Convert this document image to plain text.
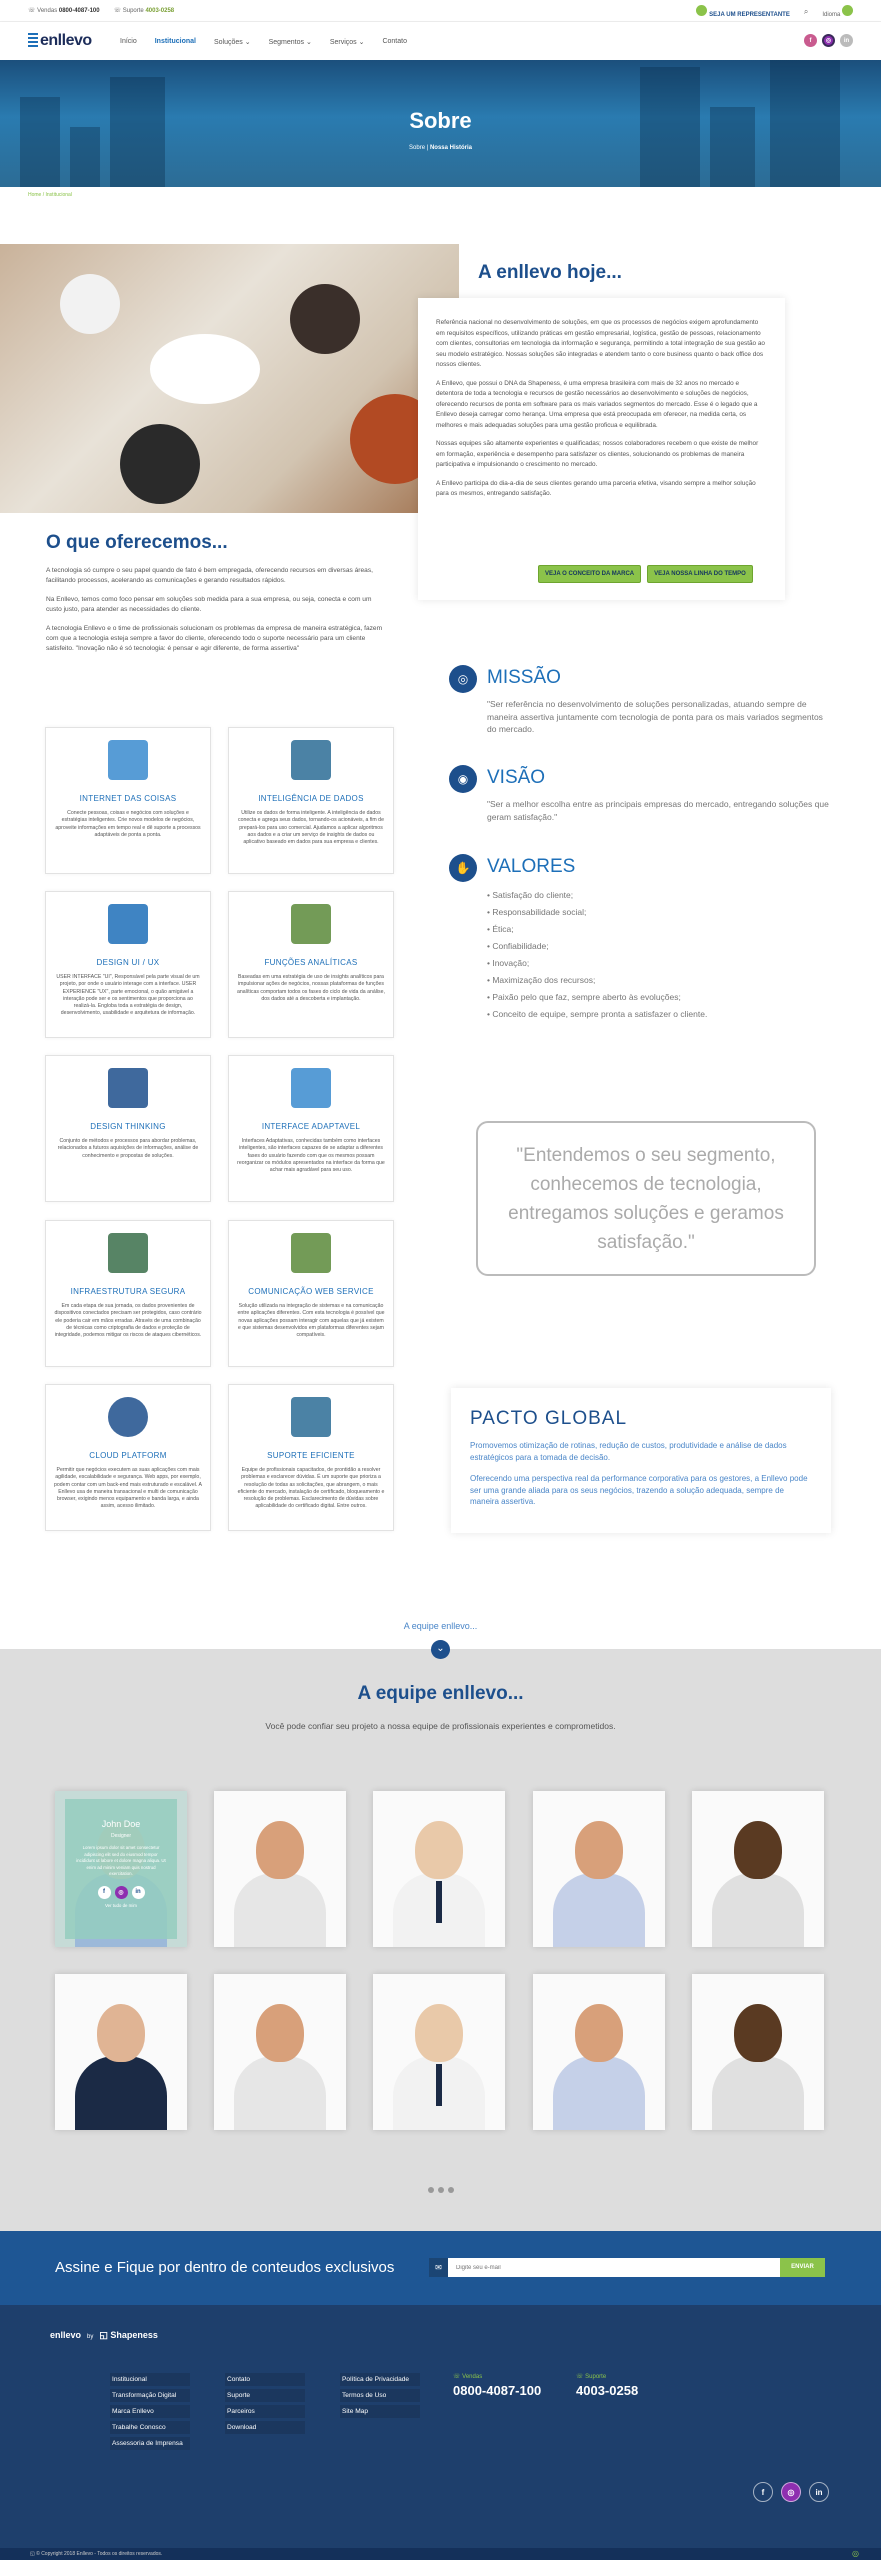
☏ Vendas 0800-4087-100 ☏ Suporte 4003-0258
SEJA UM REPRESENTANTE ⌕ Idioma
enllevo	Início	Institucional	Soluções ⌄	Segmentos ⌄	Serviços ⌄	Contato	f	◎	in
Sobre
Sobre | Nossa História
Home / Institucional
A enllevo hoje...

Referência nacional no desenvolvimento de soluções, em que os processos de negócios exigem aprofundamento em requisitos específicos, utilizando práticas em gestão empresarial, logística, gestão de pessoas, relacionamento com clientes, consultorias em tecnologia da informação e segurança, permitindo a total integração de sua gestão ao seu modelo estratégico. Nossas soluções são integradas e atendem tanto o core business quanto o back office dos nossos clientes.

A Enllevo, que possui o DNA da Shapeness, é uma empresa brasileira com mais de 32 anos no mercado e detentora de toda a tecnologia e recursos de gestão necessários ao desenvolvimento e soluções de negócios, oferecendo recursos de ponta em software para os mais variados segmentos do mercado. Esse é o legado que a Enllevo deseja carregar como herança. Uma empresa que está preocupada em oferecer, na medida certa, os melhores e mais adequadas soluções para uma gestão proficua e equilibrada.

Nossas equipes são altamente experientes e qualificadas; nossos colaboradores recebem o que existe de melhor em formação, experiência e desempenho para satisfazer os clientes, solucionando os problemas de maneira participativa e impulsionando o crescimento no mercado.

A Enllevo participa do dia-a-dia de seus clientes gerando uma parceria efetiva, visando sempre a melhor solução para os mesmos, entregando satisfação.

VEJA O CONCEITO DA MARCA	VEJA NOSSA LINHA DO TEMPO
O que oferecemos...

A tecnologia só cumpre o seu papel quando de fato é bem empregada, oferecendo recursos em diversas áreas, facilitando processos, acelerando as comunicações e gerando resultados rápidos.

Na Enllevo, temos como foco pensar em soluções sob medida para a sua empresa, ou seja, conecta e com um custo justo, para atender as necessidades do cliente.

A tecnologia Enllevo e o time de profissionais solucionam os problemas da empresa de maneira estratégica, fazem com que a tecnologia esteja sempre a favor do cliente, oferecendo todo o suporte necessário para um cliente satisfeito. "Inovação não é só tecnologia: é pensar e agir diferente, de forma assertiva"

INTERNET DAS COISAS

Conecte pessoas, coisas e negócios com soluções e estratégias inteligentes. Crie novos modelos de negócios, aproveite informações em tempo real e dê suporte a processos adaptáveis de ponta a ponta.

INTELIGÊNCIA DE DADOS

Utilize os dados de forma inteligente. A inteligência de dados conecta e agrega seus dados, tornando-os acionáveis, a fim de prepará-los para uso comercial. Ajudamos a aplicar algoritmos aos dados e a criar um serviço de insights de dados ou aplicativo baseado em dados para sua empresa e clientes.

DESIGN UI / UX

USER INTERFACE "UI", Responsável pela parte visual de um projeto, por onde o usuário interage com a interface. USER EXPERIENCE "UX", parte emocional, o quão amigável a interação pode ser e os sentimentos que proporciona ao realizá-la. Engloba toda a estratégia de design, desenvolvimento, usabilidade e arquitetura de informação.

FUNÇÕES ANALÍTICAS

Baseadas em uma estratégia de uso de insights analíticos para impulsionar ações de negócios, nossas plataformas de funções analíticas comportam todos os fases do ciclo de vida da análise, dos dados até a descoberta e implantação.

DESIGN THINKING

Conjunto de métodos e processos para abordar problemas, relacionados a futuros aquisições de informações, análise de conhecimento e propostas de soluções.

INTERFACE ADAPTAVEL

Interfaces Adaptativas, conhecidas também como interfaces inteligentes, são interfaces capazes de se adaptar a diferentes fases do usuário fazendo com que os mesmos possam reorganizar os módulos apresentados na interface da forma que achar mais agradável para seu uso.

INFRAESTRUTURA SEGURA

Em cada etapa de sua jornada, os dados provenientes de dispositivos conectados precisam ser protegidos, caso contrário ele poderia cair em mãos erradas. Através de uma combinação de técnicas como criptografia de dados e proteção de integridade, podemos mitigar os riscos de ataques cibernéticos.

COMUNICAÇÃO WEB SERVICE

Solução utilizada na integração de sistemas e na comunicação entre aplicações diferentes. Com esta tecnologia é possível que novas aplicações possam interagir com aquelas que já existem e que sistemas desenvolvidos em plataformas diferentes sejam compatíveis.

CLOUD PLATFORM

Permitir que negócios executem as suas aplicações com mais agilidade, escalabilidade e segurança. Web apps, por exemplo, podem contar com um back-end mais estruturado e escalável. A Enllevo usa de maneira transacional e multi de comunicação browser, exigindo menos equipamento e banda larga, e ainda assim, acesso ilimitado.

SUPORTE EFICIENTE

Equipe de profissionais capacitados, de prontidão a resolver problemas e esclarecer dúvidas. É um suporte que prioriza a resolução de todas as solicitações, que abrangem, o mais eficiente do mercado, instalação de certificado, bloqueamento e resolução de problemas. Esclarecimento de dúvidas sobre aplicabilidade do certificado digital. Entre outros.

◎ MISSÃO
"Ser referência no desenvolvimento de soluções personalizadas, atuando sempre de maneira assertiva juntamente com tecnologia de ponta para os mais variados segmentos do mercado.
◉ VISÃO
"Ser a melhor escolha entre as principais empresas do mercado, entregando soluções que geram satisfação."
✋ VALORES
• Satisfação do cliente;
• Responsabilidade social;
• Ética;
• Confiabilidade;
• Inovação;
• Maximização dos recursos;
• Paixão pelo que faz, sempre aberto às evoluções;
• Conceito de equipe, sempre pronta a satisfazer o cliente.
"Entendemos o seu segmento, conhecemos de tecnologia, entregamos soluções e geramos satisfação."
PACTO GLOBAL

Promovemos otimização de rotinas, redução de custos, produtividade e análise de dados estratégicos para a tomada de decisão.

Oferecendo uma perspectiva real da performance corporativa para os gestores, a Enllevo pode ser uma grande aliada para os seus negócios, trazendo a solução adequada, sempre de maneira assertiva.

A equipe enllevo...
⌄
A equipe enllevo...
Você pode confiar seu projeto a nossa equipe de profissionais experientes e comprometidos.
John Doe
Designer
Lorem ipsum dolor sit amet consectetur adipiscing elit sed do eiusmod tempor incididunt ut labore et dolore magna aliqua. Ut enim ad minim veniam quis nostrud exercitation.
f	◎	in
Ver tudo de mim
Assine e Fique por dentro de conteudos exclusivos	✉
Digite seu e-mail	ENVIAR
enllevo by ◱ Shapeness
Institucional
Transformação Digital
Marca Enllevo
Trabalhe Conosco
Assessoria de Imprensa
Contato
Suporte
Parceiros
Download
Política de Privacidade
Termos de Uso
Site Map
☏ Vendas
0800-4087-100
☏ Suporte
4003-0258
f	◎	in
◱ © Copyright 2018 Enllevo - Todos os direitos reservados.	◎
